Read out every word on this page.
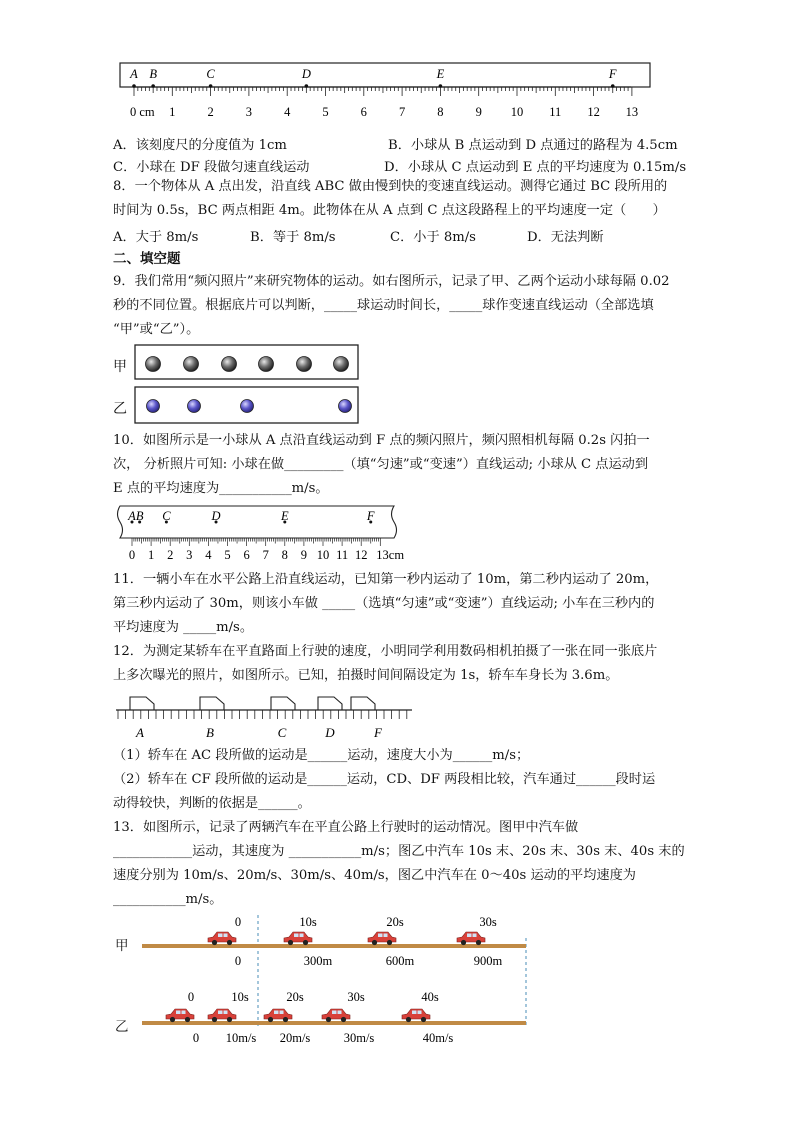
A B	C	D	E	F
0 cm 1	2	3	4	5	6	7	8	9 10 11 12 13
A．该刻度尺的分度值为 1cm	B．小球从 B 点运动到 D 点通过的路程为 4.5cm
C．小球在 DF 段做匀速直线运动	D．小球从 C 点运动到 E 点的平均速度为 0.15m/s
8．一个物体从 A 点出发，沿直线 ABC 做由慢到快的变速直线运动。测得它通过 BC 段所用的
时间为 0.5s，BC 两点相距 4m。此物体在从 A 点到 C 点这段路程上的平均速度一定（　　）
A．大于 8m/s	B．等于 8m/s	C．小于 8m/s	D．无法判断
二、填空题
9．我们常用“频闪照片”来研究物体的运动。如右图所示，记录了甲、乙两个运动小球每隔 0.02
秒的不同位置。根据底片可以判断，_____球运动时间长，_____球作变速直线运动（全部选填
“甲”或“乙”）。
甲
乙
10．如图所示是一小球从 A 点沿直线运动到 F 点的频闪照片，频闪照相机每隔 0.2s 闪拍一
次， 分析照片可知: 小球在做_________（填“匀速”或“变速”）直线运动; 小球从 C 点运动到
E 点的平均速度为___________m/s。
A B C	D	E	F
0 1 2 3 4 5 6 7 8 9 10 11 12 13cm
11．一辆小车在水平公路上沿直线运动，已知第一秒内运动了 10m，第二秒内运动了 20m，
第三秒内运动了 30m，则该小车做 _____（选填“匀速”或“变速”）直线运动; 小车在三秒内的
平均速度为 _____m/s。
12．为测定某轿车在平直路面上行驶的速度，小明同学利用数码相机拍摄了一张在同一张底片
上多次曝光的照片，如图所示。已知，拍摄时间间隔设定为 1s，轿车车身长为 3.6m。
A	B	C	D	F
（1）轿车在 AC 段所做的运动是______运动，速度大小为______m/s；
（2）轿车在 CF 段所做的运动是______运动，CD、DF 两段相比较，汽车通过______段时运
动得较快，判断的依据是______。
13．如图所示，记录了两辆汽车在平直公路上行驶时的运动情况。图甲中汽车做
____________运动，其速度为 ___________m/s；图乙中汽车 10s 末、20s 末、30s 末、40s 末的
速度分别为 10m/s、20m/s、30m/s、40m/s，图乙中汽车在 0～40s 运动的平均速度为
___________m/s。
甲
乙
0	10s	20s	30s
0	300m	600m	900m
0	10s	20s	30s	40s
0 10m/s 20m/s	30m/s	40m/s
